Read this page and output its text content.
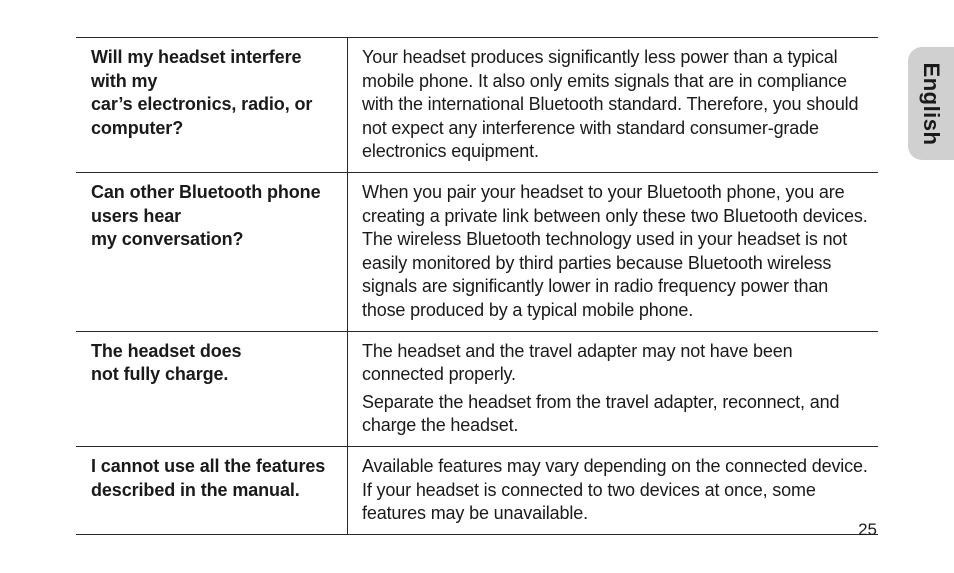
Will my headset interfere with my
car’s electronics, radio, or computer?	Your headset produces significantly less power than a typical mobile phone. It also only emits signals that are in compliance with the international Bluetooth standard. Therefore, you should not expect any interference with standard consumer-grade electronics equipment.

Can other Bluetooth phone users hear
my conversation?	When you pair your headset to your Bluetooth phone, you are creating a private link between only these two Bluetooth devices. The wireless Bluetooth technology used in your headset is not easily monitored by third parties because Bluetooth wireless signals are significantly lower in radio frequency power than those produced by a typical mobile phone.

The headset does
not fully charge.	The headset and the travel adapter may not have been connected properly.
Separate the headset from the travel adapter, reconnect, and charge the headset.

I cannot use all the features described in the manual.	Available features may vary depending on the connected device. If your headset is connected to two devices at once, some features may be unavailable.
English
25
